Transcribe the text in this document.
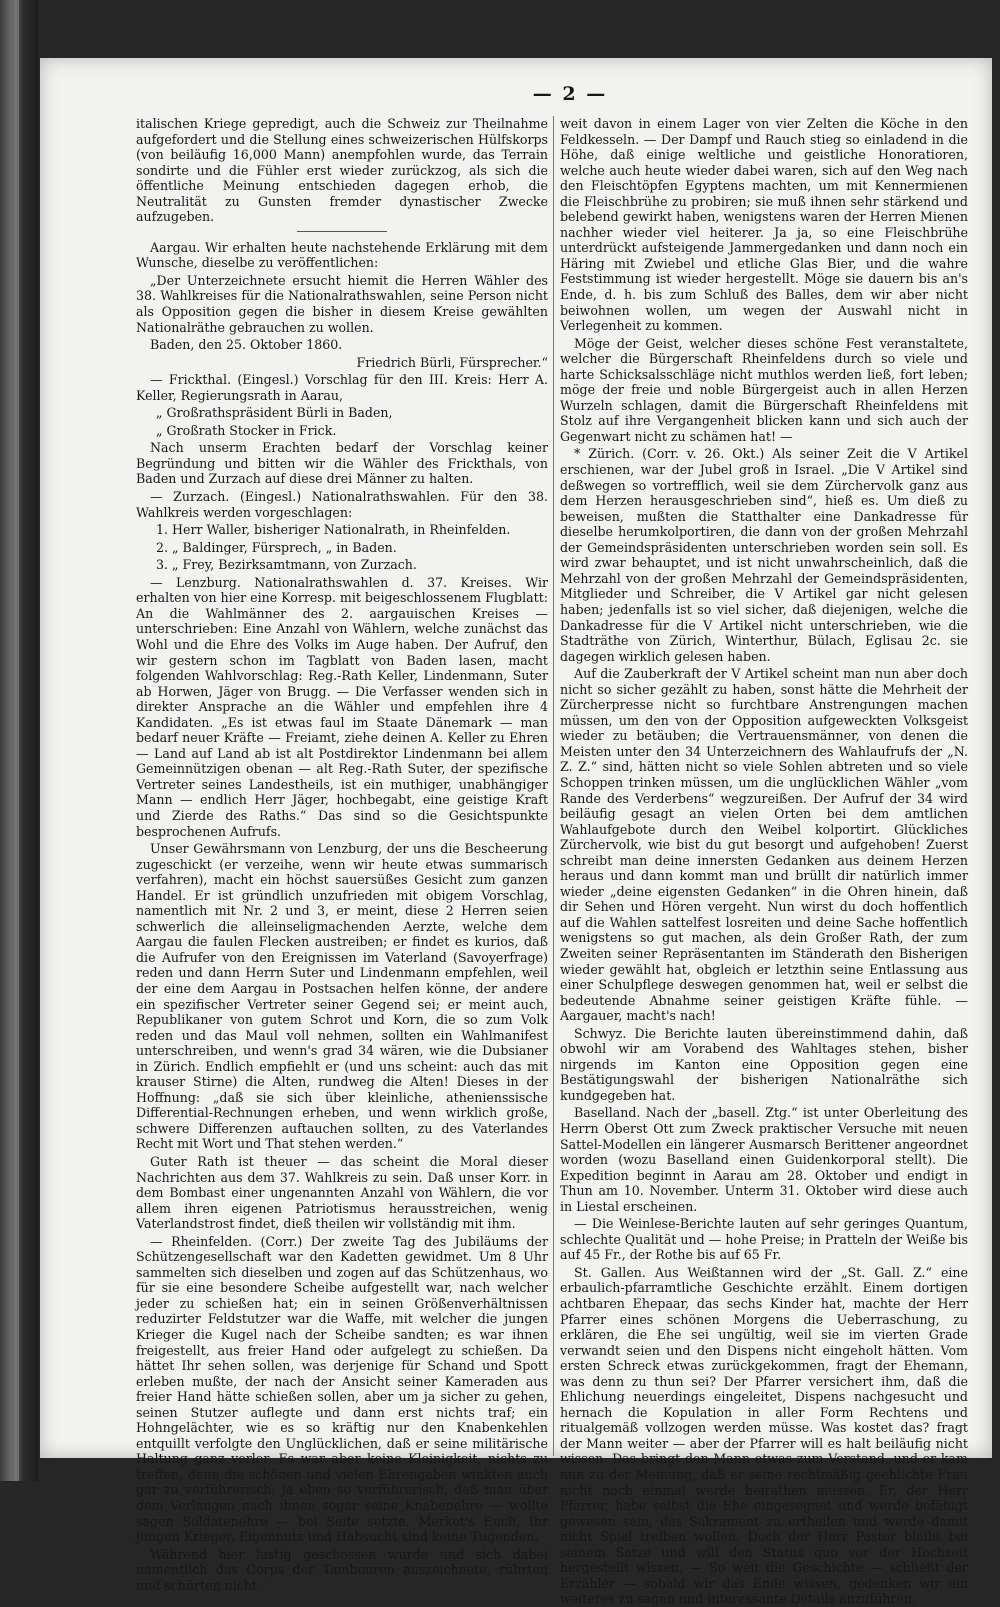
— 2 —

italischen Kriege gepredigt, auch die Schweiz zur Theilnahme aufgefordert und die Stellung eines schweizerischen Hülfskorps (von beiläufig 16,000 Mann) anempfohlen wurde, das Terrain sondirte und die Fühler erst wieder zurückzog, als sich die öffentliche Meinung entschieden dagegen erhob, die Neutralität zu Gunsten fremder dynastischer Zwecke aufzugeben.

Aargau. Wir erhalten heute nachstehende Erklärung mit dem Wunsche, dieselbe zu veröffentlichen:

„Der Unterzeichnete ersucht hiemit die Herren Wähler des 38. Wahlkreises für die Nationalrathswahlen, seine Person nicht als Opposition gegen die bisher in diesem Kreise gewählten Nationalräthe gebrauchen zu wollen.

Baden, den 25. Oktober 1860.

Friedrich Bürli, Fürsprecher.“

— Frickthal. (Eingesl.) Vorschlag für den III. Kreis: Herr A. Keller, Regierungsrath in Aarau,

„ Großrathspräsident Bürli in Baden,

„ Großrath Stocker in Frick.

Nach unserm Erachten bedarf der Vorschlag keiner Begründung und bitten wir die Wähler des Frickthals, von Baden und Zurzach auf diese drei Männer zu halten.

— Zurzach. (Eingesl.) Nationalrathswahlen. Für den 38. Wahlkreis werden vorgeschlagen:

1. Herr Waller, bisheriger Nationalrath, in Rheinfelden.

2. „ Baldinger, Fürsprech, „ in Baden.

3. „ Frey, Bezirksamtmann, von Zurzach.

— Lenzburg. Nationalrathswahlen d. 37. Kreises. Wir erhalten von hier eine Korresp. mit beigeschlossenem Flugblatt: An die Wahlmänner des 2. aargauischen Kreises — unterschrieben: Eine Anzahl von Wählern, welche zunächst das Wohl und die Ehre des Volks im Auge haben. Der Aufruf, den wir gestern schon im Tagblatt von Baden lasen, macht folgenden Wahlvorschlag: Reg.-Rath Keller, Lindenmann, Suter ab Horwen, Jäger von Brugg. — Die Verfasser wenden sich in direkter Ansprache an die Wähler und empfehlen ihre 4 Kandidaten. „Es ist etwas faul im Staate Dänemark — man bedarf neuer Kräfte — Freiamt, ziehe deinen A. Keller zu Ehren — Land auf Land ab ist alt Postdirektor Lindenmann bei allem Gemeinnützigen obenan — alt Reg.-Rath Suter, der spezifische Vertreter seines Landestheils, ist ein muthiger, unabhängiger Mann — endlich Herr Jäger, hochbegabt, eine geistige Kraft und Zierde des Raths.“ Das sind so die Gesichtspunkte besprochenen Aufrufs.

Unser Gewährsmann von Lenzburg, der uns die Bescheerung zugeschickt (er verzeihe, wenn wir heute etwas summarisch verfahren), macht ein höchst sauersüßes Gesicht zum ganzen Handel. Er ist gründlich unzufrieden mit obigem Vorschlag, namentlich mit Nr. 2 und 3, er meint, diese 2 Herren seien schwerlich die alleinseligmachenden Aerzte, welche dem Aargau die faulen Flecken austreiben; er findet es kurios, daß die Aufrufer von den Ereignissen im Vaterland (Savoyerfrage) reden und dann Herrn Suter und Lindenmann empfehlen, weil der eine dem Aargau in Postsachen helfen könne, der andere ein spezifischer Vertreter seiner Gegend sei; er meint auch, Republikaner von gutem Schrot und Korn, die so zum Volk reden und das Maul voll nehmen, sollten ein Wahlmanifest unterschreiben, und wenn's grad 34 wären, wie die Dubsianer in Zürich. Endlich empfiehlt er (und uns scheint: auch das mit krauser Stirne) die Alten, rundweg die Alten! Dieses in der Hoffnung: „daß sie sich über kleinliche, athenienssische Differential-Rechnungen erheben, und wenn wirklich große, schwere Differenzen auftauchen sollten, zu des Vaterlandes Recht mit Wort und That stehen werden.“

Guter Rath ist theuer — das scheint die Moral dieser Nachrichten aus dem 37. Wahlkreis zu sein. Daß unser Korr. in dem Bombast einer ungenannten Anzahl von Wählern, die vor allem ihren eigenen Patriotismus herausstreichen, wenig Vaterlandstrost findet, dieß theilen wir vollständig mit ihm.

— Rheinfelden. (Corr.) Der zweite Tag des Jubiläums der Schützengesellschaft war den Kadetten gewidmet. Um 8 Uhr sammelten sich dieselben und zogen auf das Schützenhaus, wo für sie eine besondere Scheibe aufgestellt war, nach welcher jeder zu schießen hat; ein in seinen Größenverhältnissen reduzirter Feldstutzer war die Waffe, mit welcher die jungen Krieger die Kugel nach der Scheibe sandten; es war ihnen freigestellt, aus freier Hand oder aufgelegt zu schießen. Da hättet Ihr sehen sollen, was derjenige für Schand und Spott erleben mußte, der nach der Ansicht seiner Kameraden aus freier Hand hätte schießen sollen, aber um ja sicher zu gehen, seinen Stutzer auflegte und dann erst nichts traf; ein Hohngelächter, wie es so kräftig nur den Knabenkehlen entquillt verfolgte den Unglücklichen, daß er seine militärische Haltung ganz verlor. Es war aber keine Kleinigkeit, nichts zu treffen, denn die schönen und vielen Ehrengaben winkten auch gar zu verführerisch; ja eben so verführerisch, daß man über dem Verlangen nach ihnen sogar seine Knabenehre — wollte sagen Soldatenehre — bei Seite setzte. Merket's Euch, Ihr jungen Krieger, Eigennutz und Habsucht sind keine Tugenden.

Während hier lustig geschossen wurde und sich dabei namentlich das Corps der Tambouren auszeichnete, rührten und schürten nicht

weit davon in einem Lager von vier Zelten die Köche in den Feldkesseln. — Der Dampf und Rauch stieg so einladend in die Höhe, daß einige weltliche und geistliche Honoratioren, welche auch heute wieder dabei waren, sich auf den Weg nach den Fleischtöpfen Egyptens machten, um mit Kennermienen die Fleischbrühe zu probiren; sie muß ihnen sehr stärkend und belebend gewirkt haben, wenigstens waren der Herren Mienen nachher wieder viel heiterer. Ja ja, so eine Fleischbrühe unterdrückt aufsteigende Jammergedanken und dann noch ein Häring mit Zwiebel und etliche Glas Bier, und die wahre Feststimmung ist wieder hergestellt. Möge sie dauern bis an's Ende, d. h. bis zum Schluß des Balles, dem wir aber nicht beiwohnen wollen, um wegen der Auswahl nicht in Verlegenheit zu kommen.

Möge der Geist, welcher dieses schöne Fest veranstaltete, welcher die Bürgerschaft Rheinfeldens durch so viele und harte Schicksalsschläge nicht muthlos werden ließ, fort leben; möge der freie und noble Bürgergeist auch in allen Herzen Wurzeln schlagen, damit die Bürgerschaft Rheinfeldens mit Stolz auf ihre Vergangenheit blicken kann und sich auch der Gegenwart nicht zu schämen hat! —

* Zürich. (Corr. v. 26. Okt.) Als seiner Zeit die V Artikel erschienen, war der Jubel groß in Israel. „Die V Artikel sind deßwegen so vortrefflich, weil sie dem Zürchervolk ganz aus dem Herzen herausgeschrieben sind“, hieß es. Um dieß zu beweisen, mußten die Statthalter eine Dankadresse für dieselbe herumkolportiren, die dann von der großen Mehrzahl der Gemeindspräsidenten unterschrieben worden sein soll. Es wird zwar behauptet, und ist nicht unwahrscheinlich, daß die Mehrzahl von der großen Mehrzahl der Gemeindspräsidenten, Mitglieder und Schreiber, die V Artikel gar nicht gelesen haben; jedenfalls ist so viel sicher, daß diejenigen, welche die Dankadresse für die V Artikel nicht unterschrieben, wie die Stadträthe von Zürich, Winterthur, Bülach, Eglisau 2c. sie dagegen wirklich gelesen haben.

Auf die Zauberkraft der V Artikel scheint man nun aber doch nicht so sicher gezählt zu haben, sonst hätte die Mehrheit der Zürcherpresse nicht so furchtbare Anstrengungen machen müssen, um den von der Opposition aufgeweckten Volksgeist wieder zu betäuben; die Vertrauensmänner, von denen die Meisten unter den 34 Unterzeichnern des Wahlaufrufs der „N. Z. Z.“ sind, hätten nicht so viele Sohlen abtreten und so viele Schoppen trinken müssen, um die unglücklichen Wähler „vom Rande des Verderbens“ wegzureißen. Der Aufruf der 34 wird beiläufig gesagt an vielen Orten bei dem amtlichen Wahlaufgebote durch den Weibel kolportirt. Glückliches Zürchervolk, wie bist du gut besorgt und aufgehoben! Zuerst schreibt man deine innersten Gedanken aus deinem Herzen heraus und dann kommt man und brüllt dir natürlich immer wieder „deine eigensten Gedanken“ in die Ohren hinein, daß dir Sehen und Hören vergeht. Nun wirst du doch hoffentlich auf die Wahlen sattelfest losreiten und deine Sache hoffentlich wenigstens so gut machen, als dein Großer Rath, der zum Zweiten seiner Repräsentanten im Ständerath den Bisherigen wieder gewählt hat, obgleich er letzthin seine Entlassung aus einer Schulpflege deswegen genommen hat, weil er selbst die bedeutende Abnahme seiner geistigen Kräfte fühle. — Aargauer, macht's nach!

Schwyz. Die Berichte lauten übereinstimmend dahin, daß obwohl wir am Vorabend des Wahltages stehen, bisher nirgends im Kanton eine Opposition gegen eine Bestätigungswahl der bisherigen Nationalräthe sich kundgegeben hat.

Baselland. Nach der „basell. Ztg.“ ist unter Oberleitung des Herrn Oberst Ott zum Zweck praktischer Versuche mit neuen Sattel-Modellen ein längerer Ausmarsch Berittener angeordnet worden (wozu Baselland einen Guidenkorporal stellt). Die Expedition beginnt in Aarau am 28. Oktober und endigt in Thun am 10. November. Unterm 31. Oktober wird diese auch in Liestal erscheinen.

— Die Weinlese-Berichte lauten auf sehr geringes Quantum, schlechte Qualität und — hohe Preise; in Pratteln der Weiße bis auf 45 Fr., der Rothe bis auf 65 Fr.

St. Gallen. Aus Weißtannen wird der „St. Gall. Z.“ eine erbaulich-pfarramtliche Geschichte erzählt. Einem dortigen achtbaren Ehepaar, das sechs Kinder hat, machte der Herr Pfarrer eines schönen Morgens die Ueberraschung, zu erklären, die Ehe sei ungültig, weil sie im vierten Grade verwandt seien und den Dispens nicht eingeholt hätten. Vom ersten Schreck etwas zurückgekommen, fragt der Ehemann, was denn zu thun sei? Der Pfarrer versichert ihm, daß die Ehlichung neuerdings eingeleitet, Dispens nachgesucht und hernach die Kopulation in aller Form Rechtens und ritualgemäß vollzogen werden müsse. Was kostet das? fragt der Mann weiter — aber der Pfarrer will es halt beiläufig nicht wissen. Das bringt den Mann etwas zum Verstand, und er kam nun zu der Meinung, daß er seine rechtmäßig geehlichte Frau nicht noch einmal werde heirathen müssen. Er, der Herr Pfarrer, habe selbst die Ehe eingesegnet und werde befähigt gewesen sein, das Sakrament zu ertheilen und werde damit nicht Spiel treiben wollen. Doch der Herr Pastor bleibt bei seinem Satze und will den Status quo vor der Hochzeit hergestellt wissen. — So weit die Geschichte — schließt der Erzähler — sobald wir das Ende wissen, gedenken wir ein weiteres zu sagen und interessante Details anzuführen.
